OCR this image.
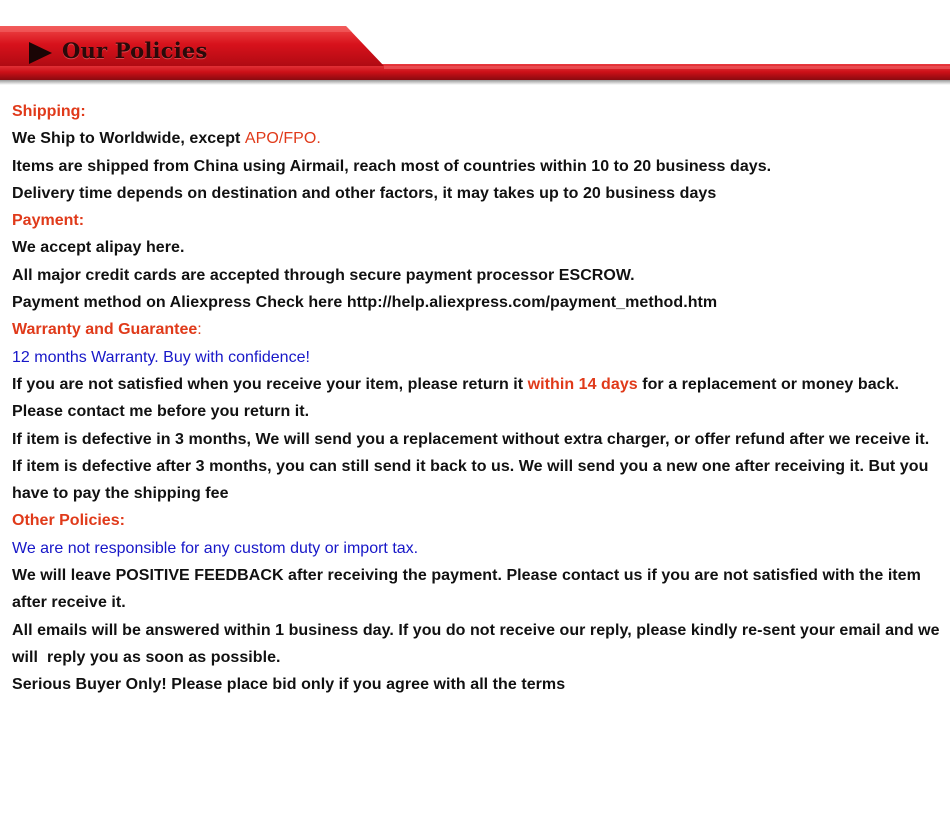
Our Policies
Shipping:
We Ship to Worldwide, except APO/FPO.
Items are shipped from China using Airmail, reach most of countries within 10 to 20 business days.
Delivery time depends on destination and other factors, it may takes up to 20 business days
Payment:
We accept alipay here.
All major credit cards are accepted through secure payment processor ESCROW.
Payment method on Aliexpress Check here http://help.aliexpress.com/payment_method.htm
Warranty and Guarantee:
12 months Warranty. Buy with confidence!
If you are not satisfied when you receive your item, please return it within 14 days for a replacement or money back. Please contact me before you return it.
If item is defective in 3 months, We will send you a replacement without extra charger, or offer refund after we receive it.
If item is defective after 3 months, you can still send it back to us. We will send you a new one after receiving it. But you have to pay the shipping fee
Other Policies:
We are not responsible for any custom duty or import tax.
We will leave POSITIVE FEEDBACK after receiving the payment. Please contact us if you are not satisfied with the item after receive it.
All emails will be answered within 1 business day. If you do not receive our reply, please kindly re-sent your email and we will  reply you as soon as possible.
Serious Buyer Only! Please place bid only if you agree with all the terms
